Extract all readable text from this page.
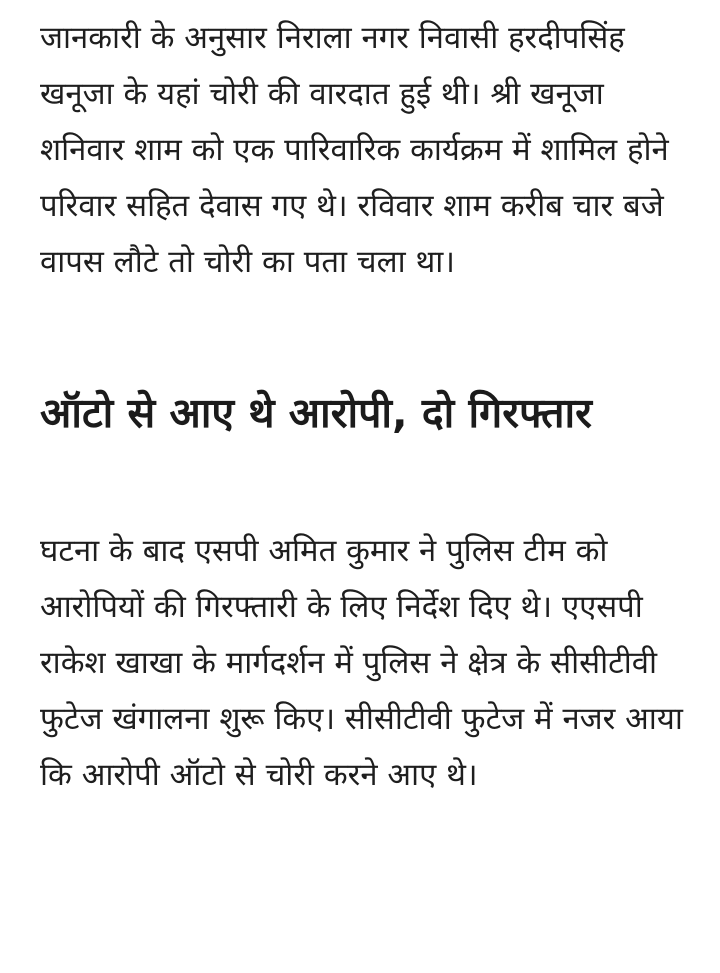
जानकारी के अनुसार निराला नगर निवासी हरदीपसिंह खनूजा के यहां चोरी की वारदात हुई थी। श्री खनूजा शनिवार शाम को एक पारिवारिक कार्यक्रम में शामिल होने परिवार सहित देवास गए थे। रविवार शाम करीब चार बजे वापस लौटे तो चोरी का पता चला था।

ऑटो से आए थे आरोपी, दो गिरफ्तार

घटना के बाद एसपी अमित कुमार ने पुलिस टीम को आरोपियों की गिरफ्तारी के लिए निर्देश दिए थे। एएसपी राकेश खाखा के मार्गदर्शन में पुलिस ने क्षेत्र के सीसीटीवी फुटेज खंगालना शुरू किए। सीसीटीवी फुटेज में नजर आया कि आरोपी ऑटो से चोरी करने आए थे।
